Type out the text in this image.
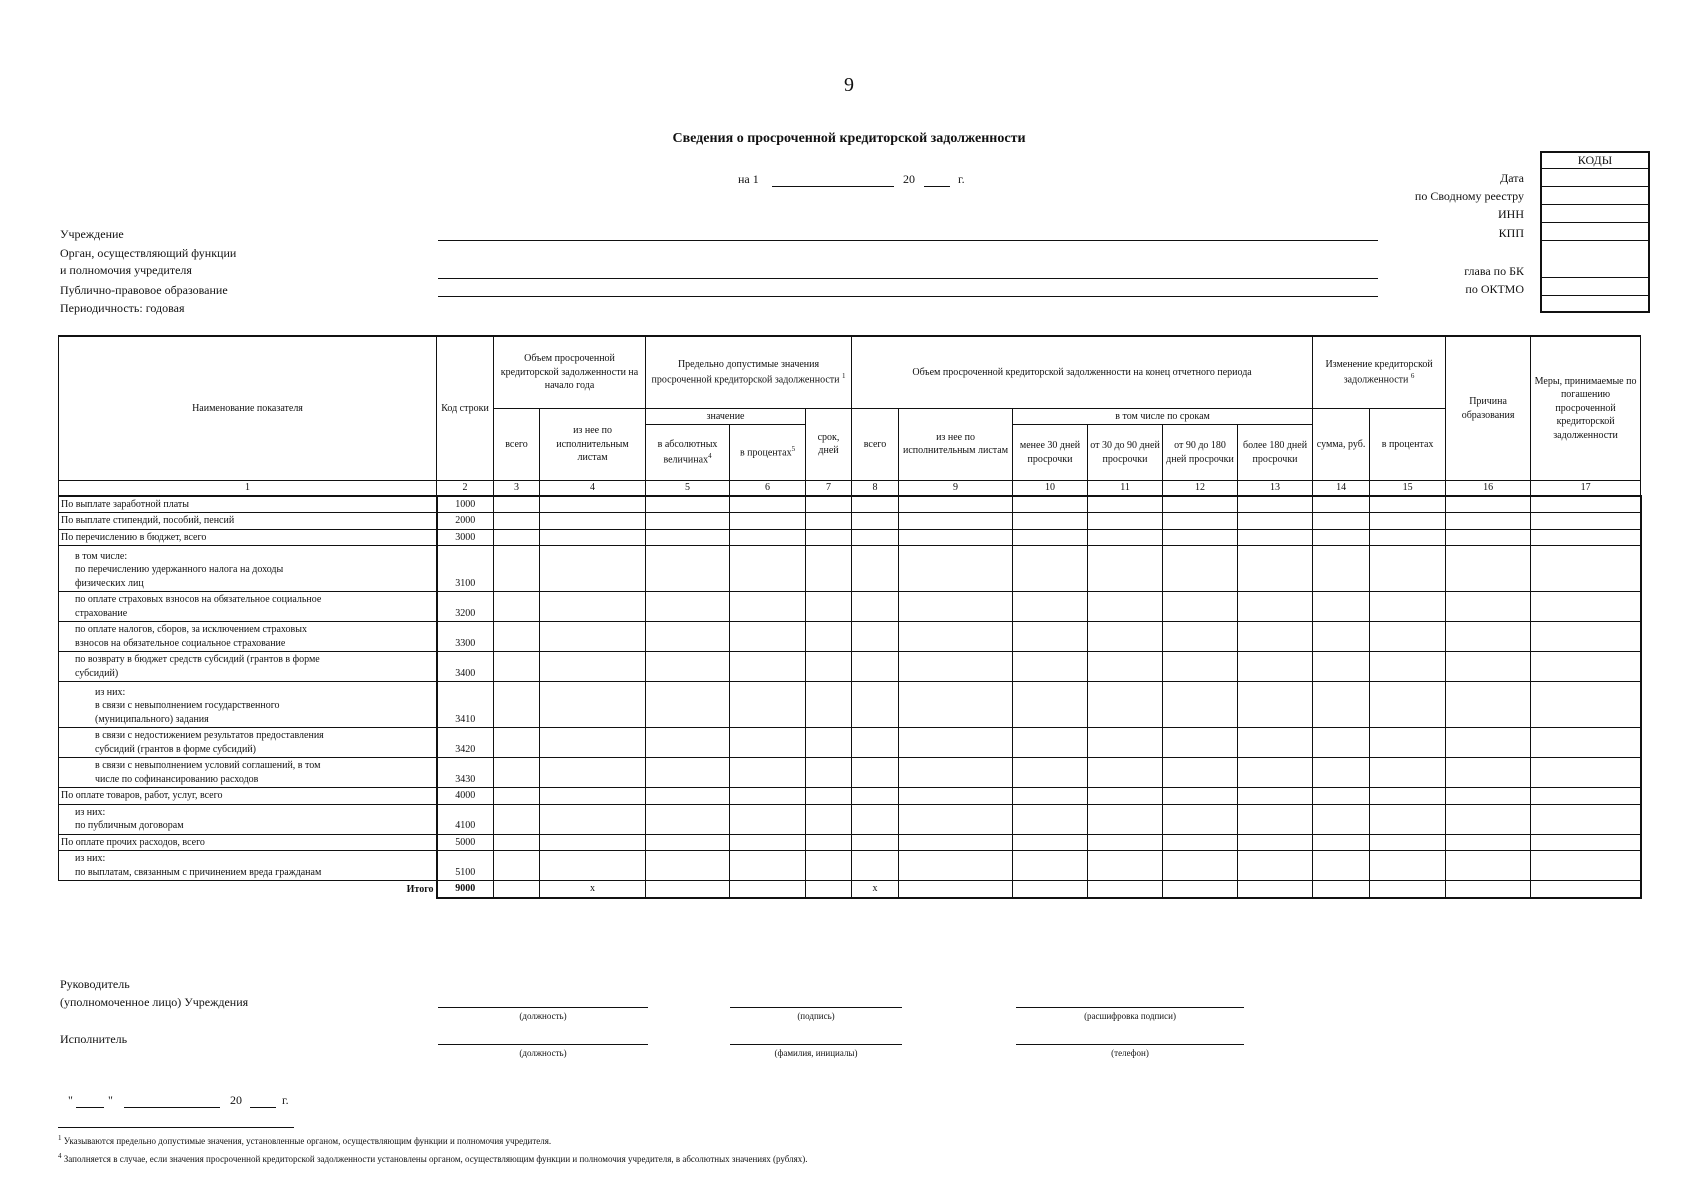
9
Сведения о просроченной кредиторской задолженности
на 1	20	г.
Учреждение
Орган, осуществляющий функции
и полномочия учредителя
Публично-правовое образование
Периодичность: годовая
Дата
по Сводному реестру
ИНН
КПП
глава по БК
по ОКТМО
КОДЫ
Наименование показателя	Код строки	Объем просроченной кредиторской задолженности на начало года		Предельно допустимые значения просроченной кредиторской задолженности $^1$			Объем просроченной кредиторской задолженности на конец отчетного периода						Изменение кредиторской задолженности $^6$		Причина образования	Меры, принимаемые по погашению просроченной кредиторской задолженности
		всего	из нее по исполнительным листам	значение		срок, дней	всего	из нее по исполнительным листам	в том числе по срокам				сумма, руб.	в процентах		
				в абсолютных величинах$^4$	в процентах$^5$				менее 30 дней просрочки	от 30 до 90 дней просрочки	от 90 до 180 дней просрочки	более 180 дней просрочки				
1	2	3	4	5	6	7	8	9	10	11	12	13	14	15	16	17

По выплате заработной платы	1000															

По выплате стипендий, пособий, пенсий	2000															

По перечислению в бюджет, всего	3000															

в том числе:
по перечислению удержанного налога на доходы
физических лиц	3100															

по оплате страховых взносов на обязательное социальное
страхование	3200															

по оплате налогов, сборов, за исключением страховых
взносов на обязательное социальное страхование	3300															

по возврату в бюджет средств субсидий (грантов в форме
субсидий)	3400															

из них:
в связи с невыполнением государственного
(муниципального) задания	3410															

в связи с недостижением результатов предоставления
субсидий (грантов в форме субсидий)	3420															

в связи с невыполнением условий соглашений, в том
числе по софинансированию расходов	3430															

По оплате товаров, работ, услуг, всего	4000															

из них:
по публичным договорам	4100															

По оплате прочих расходов, всего	5000															

из них:
по выплатам, связанным с причинением вреда гражданам	5100															
Итого	9000		x				x									
Руководитель
(уполномоченное лицо) Учреждения
Исполнитель
(должность)	(подпись)	(расшифровка подписи)
(должность)	(фамилия, инициалы)	(телефон)
"	"	20	г.
$^1$ Указываются предельно допустимые значения, установленные органом, осуществляющим функции и полномочия учредителя.
$^4$ Заполняется в случае, если значения просроченной кредиторской задолженности установлены органом, осуществляющим функции и полномочия учредителя, в абсолютных значениях (рублях).
